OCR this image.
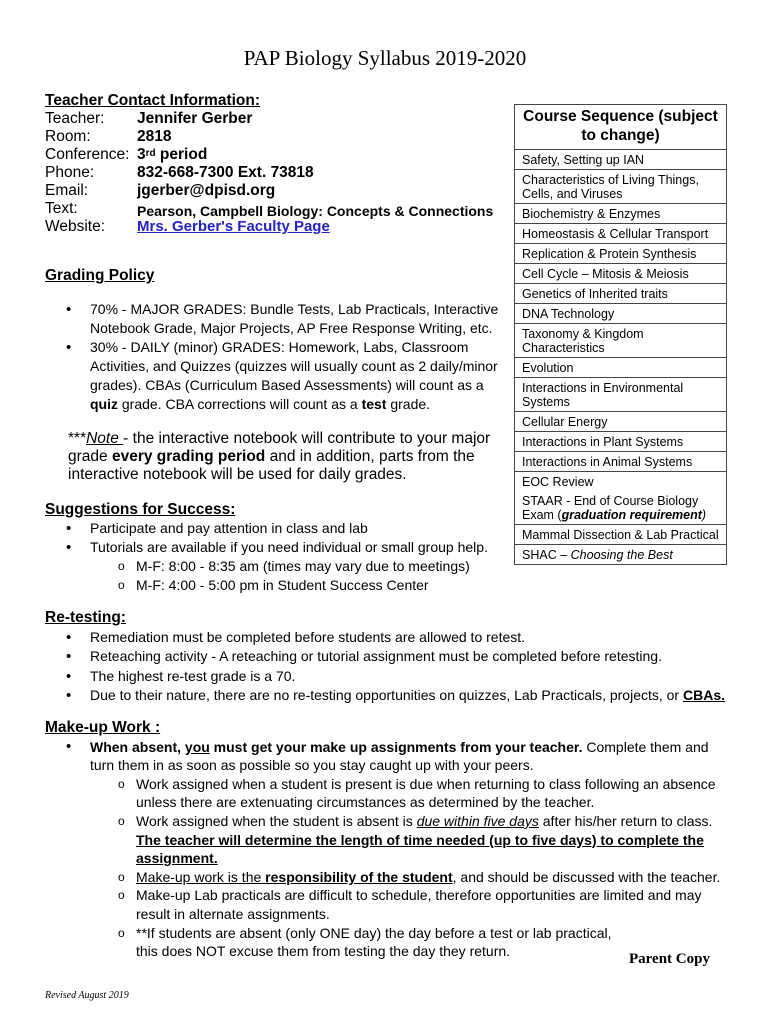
PAP Biology Syllabus 2019-2020
Teacher Contact Information:
Teacher:	Jennifer Gerber
Room:	2818
Conference: 3rd period
Phone:	832-668-7300 Ext. 73818
Email:	jgerber@dpisd.org
Text:	Pearson, Campbell Biology: Concepts & Connections
Website:	Mrs. Gerber's Faculty Page
Course Sequence (subject to change)
Safety, Setting up IAN
Characteristics of Living Things, Cells, and Viruses
Biochemistry & Enzymes
Homeostasis & Cellular Transport
Replication & Protein Synthesis
Cell Cycle – Mitosis & Meiosis
Genetics of Inherited traits
DNA Technology
Taxonomy & Kingdom Characteristics
Evolution
Interactions in Environmental Systems
Cellular Energy
Interactions in Plant Systems
Interactions in Animal Systems
EOC Review
STAAR - End of Course Biology Exam (graduation requirement)
Mammal Dissection & Lab Practical
SHAC – Choosing the Best
Grading Policy
• 70% - MAJOR GRADES: Bundle Tests, Lab Practicals, Interactive Notebook Grade, Major Projects, AP Free Response Writing, etc.
• 30% - DAILY (minor) GRADES: Homework, Labs, Classroom Activities, and Quizzes (quizzes will usually count as 2 daily/minor grades). CBAs (Curriculum Based Assessments) will count as a quiz grade. CBA corrections will count as a test grade.
***Note - the interactive notebook will contribute to your major grade every grading period and in addition, parts from the interactive notebook will be used for daily grades.
Suggestions for Success:
• Participate and pay attention in class and lab
• Tutorials are available if you need individual or small group help.
o M-F: 8:00 - 8:35 am (times may vary due to meetings)
o M-F: 4:00 - 5:00 pm in Student Success Center
Re-testing:
• Remediation must be completed before students are allowed to retest.
• Reteaching activity - A reteaching or tutorial assignment must be completed before retesting.
• The highest re-test grade is a 70.
• Due to their nature, there are no re-testing opportunities on quizzes, Lab Practicals, projects, or CBAs.
Make-up Work :
• When absent, you must get your make up assignments from your teacher. Complete them and turn them in as soon as possible so you stay caught up with your peers.
o Work assigned when a student is present is due when returning to class following an absence unless there are extenuating circumstances as determined by the teacher.
o Work assigned when the student is absent is due within five days after his/her return to class. The teacher will determine the length of time needed (up to five days) to complete the assignment.
o Make-up work is the responsibility of the student, and should be discussed with the teacher.
o Make-up Lab practicals are difficult to schedule, therefore opportunities are limited and may result in alternate assignments.
o **If students are absent (only ONE day) the day before a test or lab practical, this does NOT excuse them from testing the day they return.	Parent Copy
Revised August 2019
